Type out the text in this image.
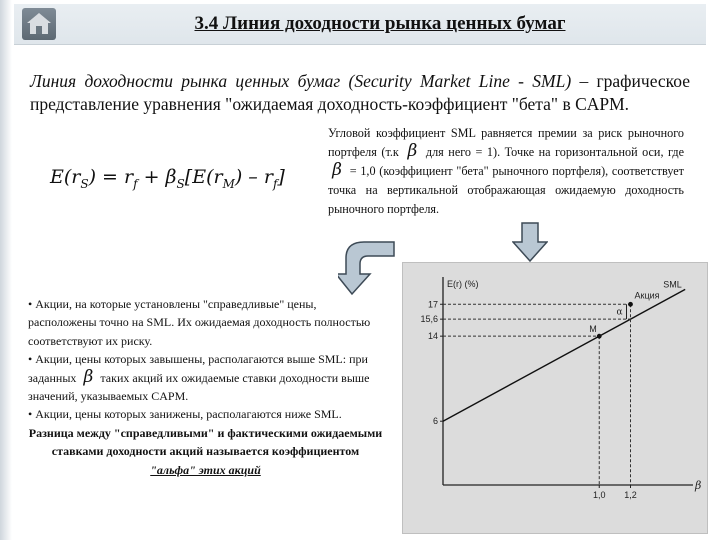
3.4 Линия доходности рынка ценных бумаг
Линия доходности рынка ценных бумаг (Security Market Line - SML) – графическое представление уравнения "ожидаемая доходность-коэффициент "бета" в CAPM.
$E(r_S) = r_f + \beta_S[E(r_M) - r_f]$
Угловой коэффициент SML равняется премии за риск рыночного портфеля (т.к β для него = 1). Точке на горизонтальной оси, где β = 1,0 (коэффициент "бета" рыночного портфеля), соответствует точка на вертикальной отображающая ожидаемую доходность рыночного портфеля.

• Акции, на которые установлены "справедливые" цены, расположены точно на SML. Их ожидаемая доходность полностью соответствуют их риску.

• Акции, цены которых завышены, располагаются выше SML: при заданных β таких акций их ожидаемые ставки доходности выше значений, указываемых CAPM.

• Акции, цены которых занижены, располагаются ниже SML.

Разница между "справедливыми" и фактическими ожидаемыми ставками доходности акций называется коэффициентом "альфа" этих акций

E(r) (%)
β
SML
17
15,6
14
6
1,0 1,2
Акция
M
α
